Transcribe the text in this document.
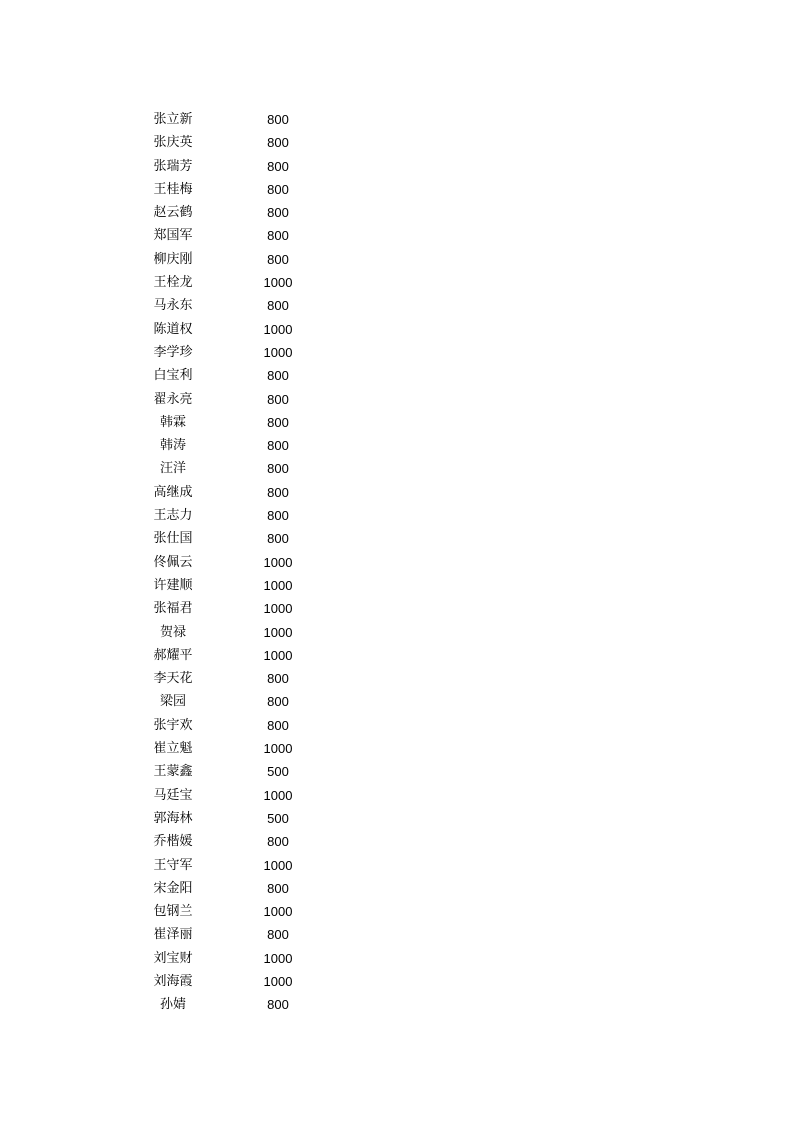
张立新	800
张庆英	800
张瑞芳	800
王桂梅	800
赵云鹤	800
郑国军	800
柳庆刚	800
王栓龙	1000
马永东	800
陈道权	1000
李学珍	1000
白宝利	800
翟永亮	800
韩霖	800
韩涛	800
汪洋	800
高继成	800
王志力	800
张仕国	800
佟佩云	1000
许建顺	1000
张福君	1000
贺禄	1000
郝耀平	1000
李天花	800
梁园	800
张宇欢	800
崔立魁	1000
王蒙鑫	500
马廷宝	1000
郭海林	500
乔楷媛	800
王守军	1000
宋金阳	800
包钢兰	1000
崔泽丽	800
刘宝财	1000
刘海霞	1000
孙婧	800
